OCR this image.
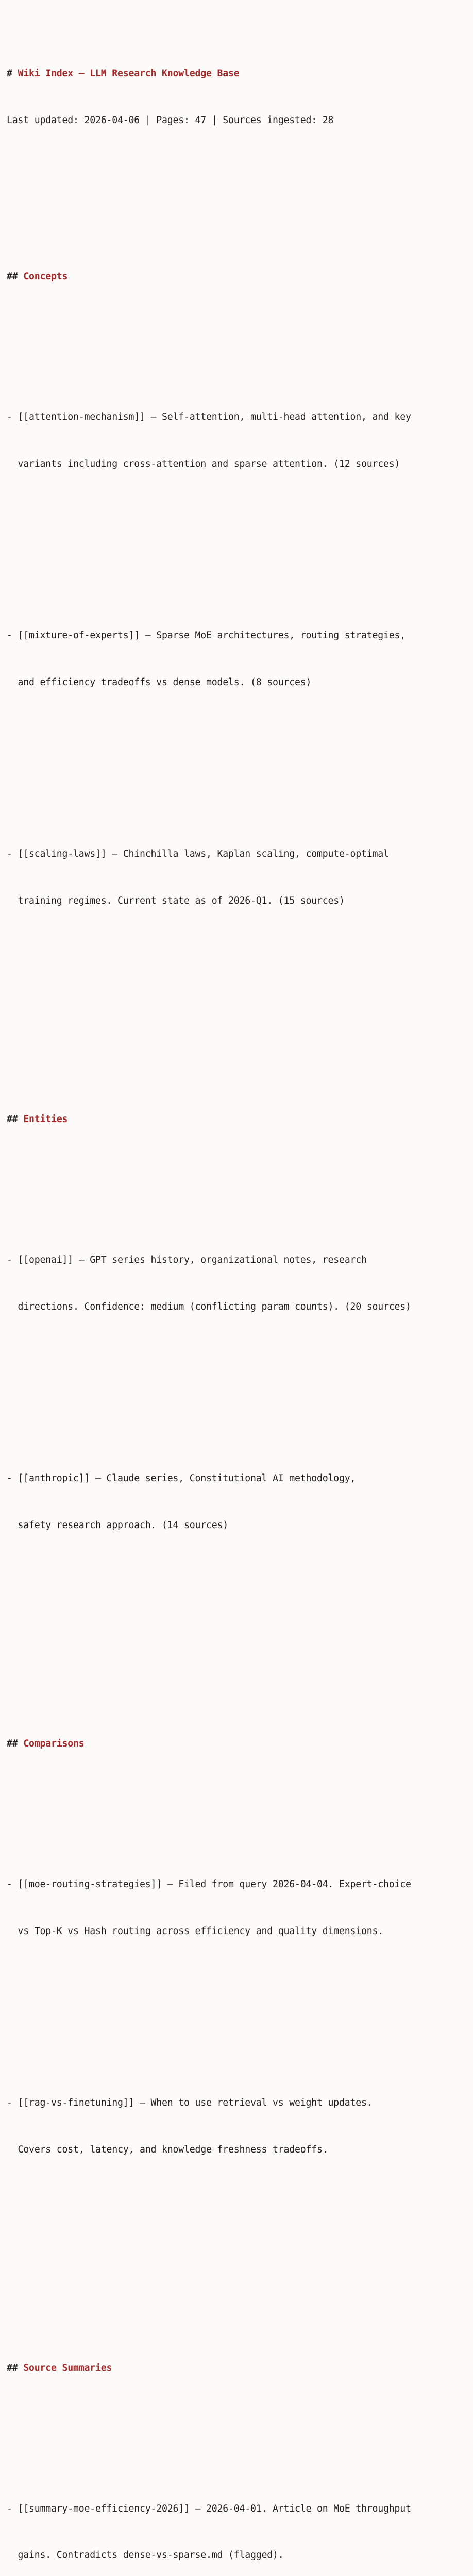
# Wiki Index — LLM Research Knowledge Base

Last updated: 2026-04-06 | Pages: 47 | Sources ingested: 28

## Concepts

- [[attention-mechanism]] — Self-attention, multi-head attention, and key

variants including cross-attention and sparse attention. (12 sources)

- [[mixture-of-experts]] — Sparse MoE architectures, routing strategies,

and efficiency tradeoffs vs dense models. (8 sources)

- [[scaling-laws]] — Chinchilla laws, Kaplan scaling, compute-optimal

training regimes. Current state as of 2026-Q1. (15 sources)

## Entities

- [[openai]] — GPT series history, organizational notes, research

directions. Confidence: medium (conflicting param counts). (20 sources)

- [[anthropic]] — Claude series, Constitutional AI methodology,

safety research approach. (14 sources)

## Comparisons

- [[moe-routing-strategies]] — Filed from query 2026-04-04. Expert-choice

vs Top-K vs Hash routing across efficiency and quality dimensions.

- [[rag-vs-finetuning]] — When to use retrieval vs weight updates.

Covers cost, latency, and knowledge freshness tradeoffs.

## Source Summaries

- [[summary-moe-efficiency-2026]] — 2026-04-01. Article on MoE throughput

gains. Contradicts dense-vs-sparse.md (flagged).
